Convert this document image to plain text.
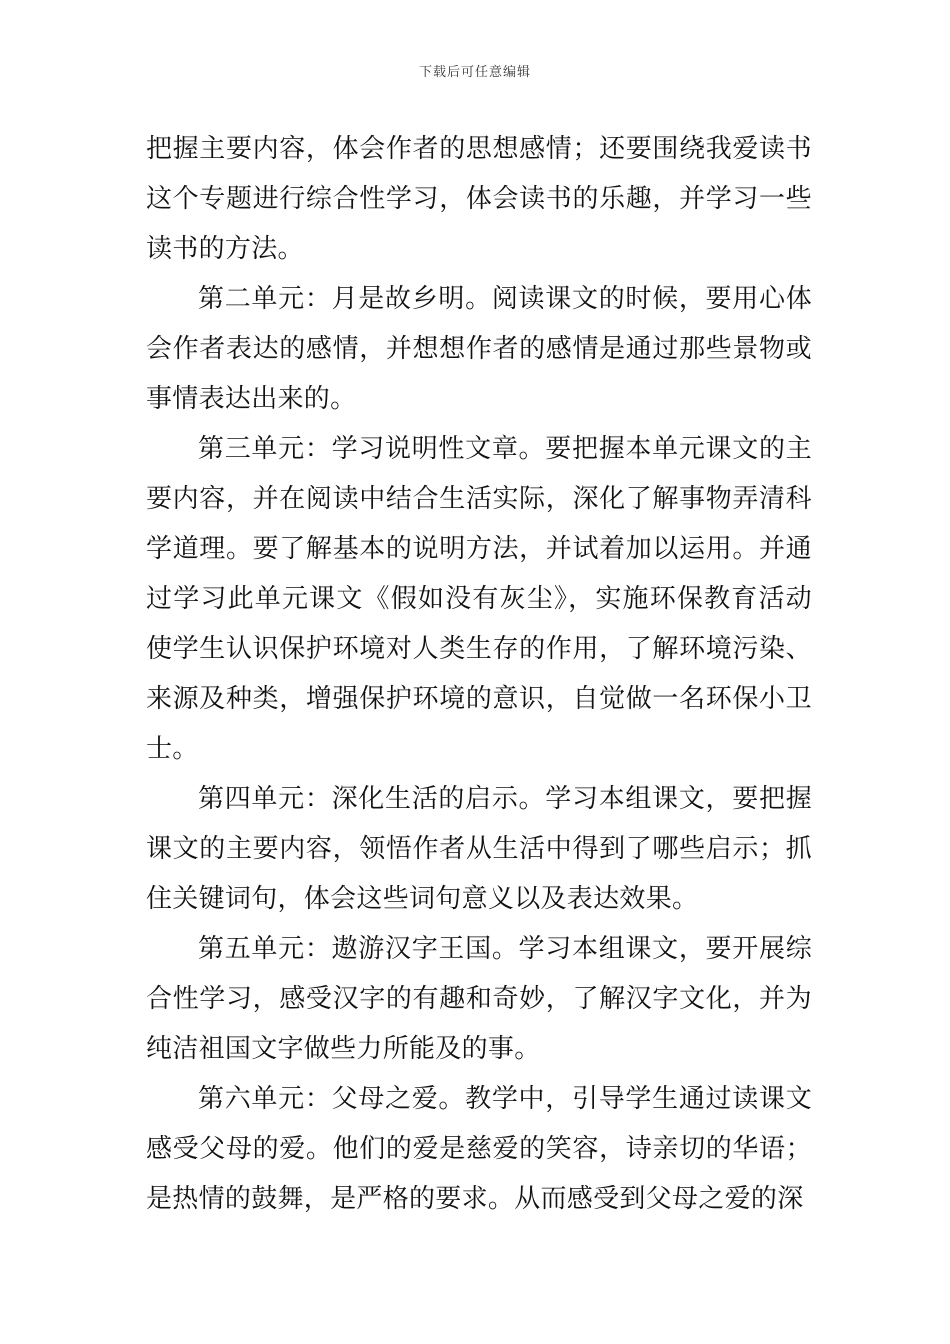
下载后可任意编辑

把握主要内容，体会作者的思想感情；还要围绕我爱读书这个专题进行综合性学习，体会读书的乐趣，并学习一些读书的方法。

第二单元：月是故乡明。阅读课文的时候，要用心体会作者表达的感情，并想想作者的感情是通过那些景物或事情表达出来的。

第三单元：学习说明性文章。要把握本单元课文的主要内容，并在阅读中结合生活实际，深化了解事物弄清科学道理。要了解基本的说明方法，并试着加以运用。并通过学习此单元课文《假如没有灰尘》，实施环保教育活动使学生认识保护环境对人类生存的作用，了解环境污染、来源及种类，增强保护环境的意识，自觉做一名环保小卫士。

第四单元：深化生活的启示。学习本组课文，要把握课文的主要内容，领悟作者从生活中得到了哪些启示；抓住关键词句，体会这些词句意义以及表达效果。

第五单元：遨游汉字王国。学习本组课文，要开展综合性学习，感受汉字的有趣和奇妙，了解汉字文化，并为纯洁祖国文字做些力所能及的事。

第六单元：父母之爱。教学中，引导学生通过读课文感受父母的爱。他们的爱是慈爱的笑容，诗亲切的华语；是热情的鼓舞，是严格的要求。从而感受到父母之爱的深
